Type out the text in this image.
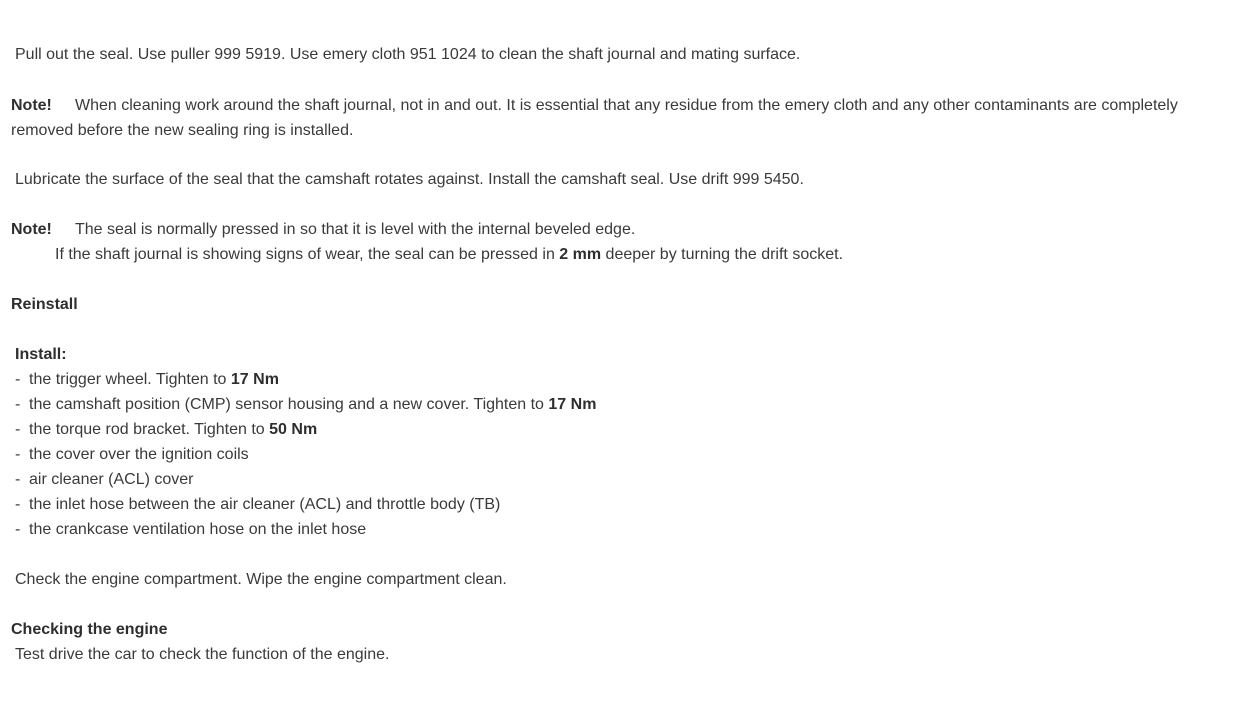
Pull out the seal. Use puller 999 5919. Use emery cloth 951 1024 to clean the shaft journal and mating surface.
Note! When cleaning work around the shaft journal, not in and out. It is essential that any residue from the emery cloth and any other contaminants are completely removed before the new sealing ring is installed.
Lubricate the surface of the seal that the camshaft rotates against. Install the camshaft seal. Use drift 999 5450.
Note! The seal is normally pressed in so that it is level with the internal beveled edge.
If the shaft journal is showing signs of wear, the seal can be pressed in 2 mm deeper by turning the drift socket.
Reinstall
Install:
- the trigger wheel. Tighten to 17 Nm
- the camshaft position (CMP) sensor housing and a new cover. Tighten to 17 Nm
- the torque rod bracket. Tighten to 50 Nm
- the cover over the ignition coils
- air cleaner (ACL) cover
- the inlet hose between the air cleaner (ACL) and throttle body (TB)
- the crankcase ventilation hose on the inlet hose
Check the engine compartment. Wipe the engine compartment clean.
Checking the engine
Test drive the car to check the function of the engine.
